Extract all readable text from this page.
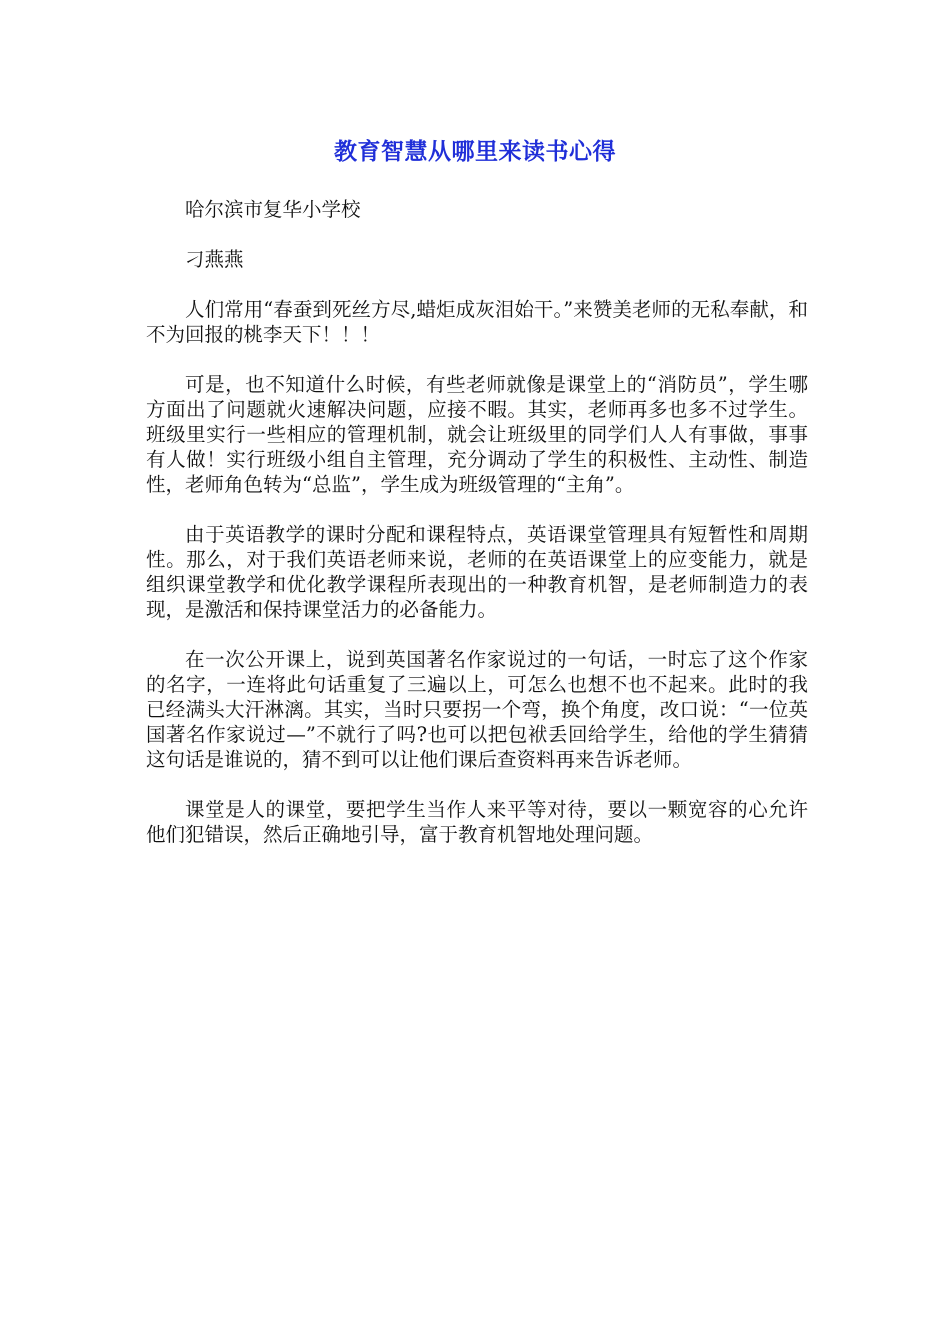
教育智慧从哪里来读书心得

哈尔滨市复华小学校

刁燕燕

人们常用“春蚕到死丝方尽,蜡炬成灰泪始干。”来赞美老师的无私奉献，和不为回报的桃李天下！！！

可是，也不知道什么时候，有些老师就像是课堂上的“消防员”，学生哪方面出了问题就火速解决问题，应接不暇。其实，老师再多也多不过学生。班级里实行一些相应的管理机制，就会让班级里的同学们人人有事做，事事有人做！实行班级小组自主管理，充分调动了学生的积极性、主动性、制造性，老师角色转为“总监”，学生成为班级管理的“主角”。

由于英语教学的课时分配和课程特点，英语课堂管理具有短暂性和周期性。那么，对于我们英语老师来说，老师的在英语课堂上的应变能力，就是组织课堂教学和优化教学课程所表现出的一种教育机智，是老师制造力的表现，是激活和保持课堂活力的必备能力。

在一次公开课上，说到英国著名作家说过的一句话，一时忘了这个作家的名字，一连将此句话重复了三遍以上，可怎么也想不也不起来。此时的我已经满头大汗淋漓。其实，当时只要拐一个弯，换个角度，改口说：“一位英国著名作家说过—”不就行了吗?也可以把包袱丢回给学生，给他的学生猜猜这句话是谁说的，猜不到可以让他们课后查资料再来告诉老师。

课堂是人的课堂，要把学生当作人来平等对待，要以一颗宽容的心允许他们犯错误，然后正确地引导，富于教育机智地处理问题。
